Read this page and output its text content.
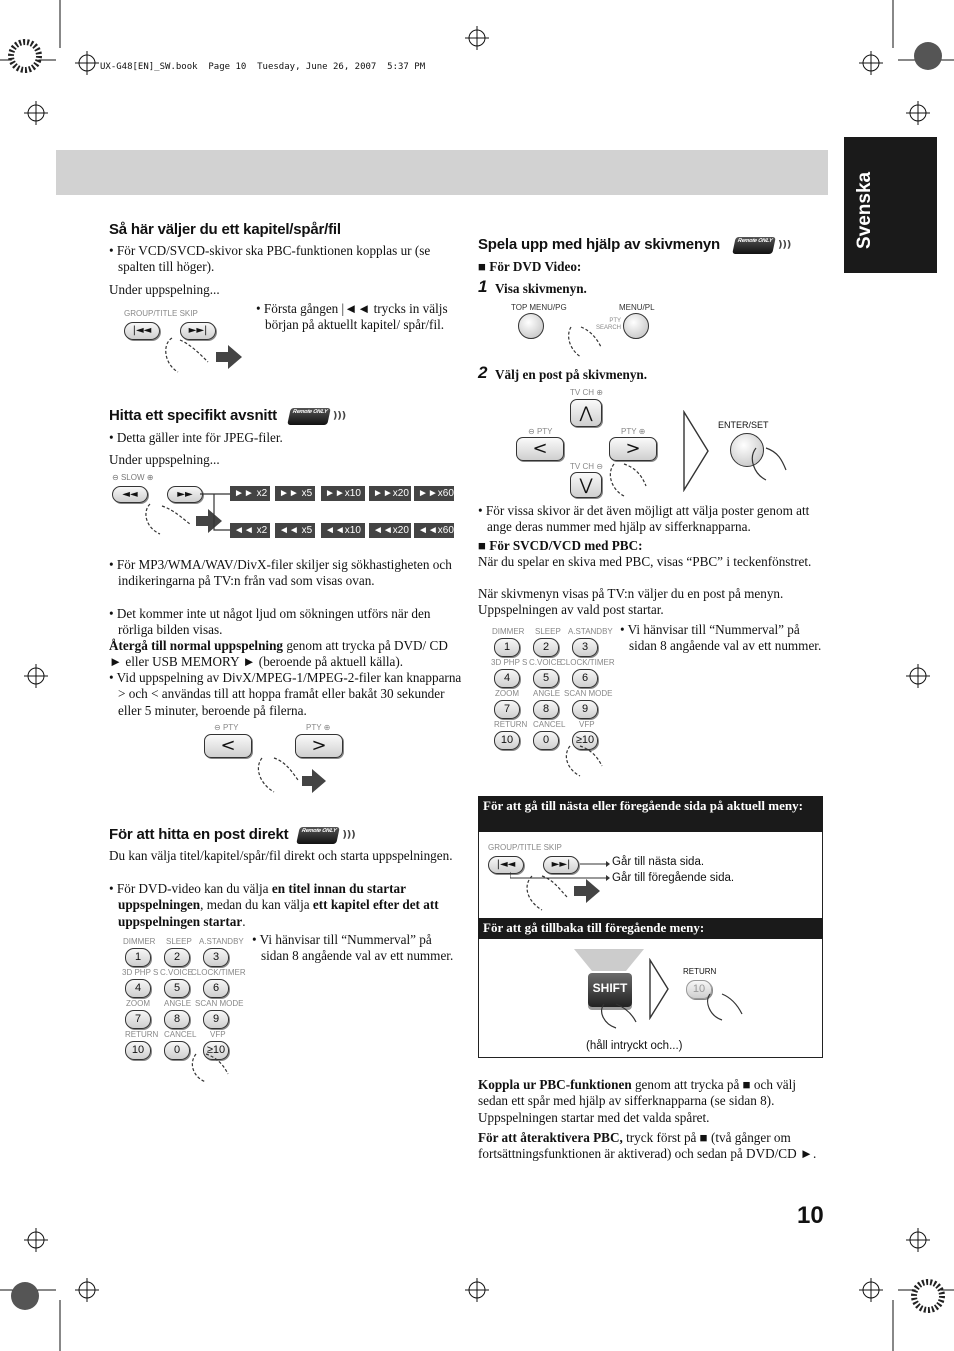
UX-G48[EN]_SW.book  Page 10  Tuesday, June 26, 2007  5:37 PM
Svenska
Så här väljer du ett kapitel/spår/fil
• För VCD/SVCD-skivor ska PBC-funktionen kopplas ur (se spalten till höger).
Under uppspelning...
GROUP/TITLE SKIP
|◄◄	►►|
• Första gången |◄◄ trycks in väljs början på aktuellt kapitel/ spår/fil.
Hitta ett specifikt avsnitt	Remote ONLY )))
• Detta gäller inte för JPEG-filer.
Under uppspelning...
⊖ SLOW ⊕
◄◄	►►	►► x2	►► x5	►►x10	►►x20 ►►x60
◄◄ x2	◄◄ x5	◄◄x10	◄◄x20 ◄◄x60
• För MP3/WMA/WAV/DivX-filer skiljer sig sökhastigheten och indikeringarna på TV:n från vad som visas ovan.
• Det kommer inte ut något ljud om sökningen utförs när den rörliga bilden visas.
Återgå till normal uppspelning genom att trycka på DVD/ CD ► eller USB MEMORY ► (beroende på aktuell källa).
• Vid uppspelning av DivX/MPEG-1/MPEG-2-filer kan knapparna > och < användas till att hoppa framåt eller bakåt 30 sekunder eller 5 minuter, beroende på filerna.
⊖ PTY	PTY ⊕
<	>
För att hitta en post direkt Remote ONLY )))
Du kan välja titel/kapitel/spår/fil direkt och starta uppspelningen.
• För DVD-video kan du välja en titel innan du startar uppspelningen, medan du kan välja ett kapitel efter det att uppspelningen startar.
DIMMER SLEEP A.STANDBY
1	2	3
3D PHP S C.VOICE
CLOCK/TIMER
4	5	6
ZOOM ANGLE SCAN MODE
7	8	9
RETURN CANCEL VFP
10	0	≥10
• Vi hänvisar till “Nummerval” på sidan 8 angående val av ett nummer.
Spela upp med hjälp av skivmenyn	Remote ONLY )))
■ För DVD Video:
1 Visa skivmenyn.
TOP MENU/PG	MENU/PL
PTY SEARCH
2 Välj en post på skivmenyn.
TV CH ⊕
⋀
⊖ PTY	PTY ⊕
<	>
TV CH ⊖
⋁
ENTER/SET
• För vissa skivor är det även möjligt att välja poster genom att ange deras nummer med hjälp av sifferknapparna.
■ För SVCD/VCD med PBC:
När du spelar en skiva med PBC, visas “PBC” i teckenfönstret.
När skivmenyn visas på TV:n väljer du en post på menyn. Uppspelningen av vald post startar.
DIMMER SLEEP A.STANDBY
1	2	3
3D PHP S C.VOICE
CLOCK/TIMER
4	5	6
ZOOM ANGLE SCAN MODE
7	8	9
RETURN CANCEL VFP
10	0	≥10
• Vi hänvisar till “Nummerval” på sidan 8 angående val av ett nummer.
För att gå till nästa eller föregående sida på aktuell meny:
GROUP/TITLE SKIP
|◄◄	►►|	Går till nästa sida.
Går till föregående sida.
För att gå tillbaka till föregående meny:
SHIFT
RETURN
10
(håll intryckt och...)
Koppla ur PBC-funktionen genom att trycka på ■ och välj sedan ett spår med hjälp av sifferknapparna (se sidan 8). Uppspelningen startar med det valda spåret.
För att återaktivera PBC, tryck först på ■ (två gånger om fortsättningsfunktionen är aktiverad) och sedan på DVD/CD ►.
10
